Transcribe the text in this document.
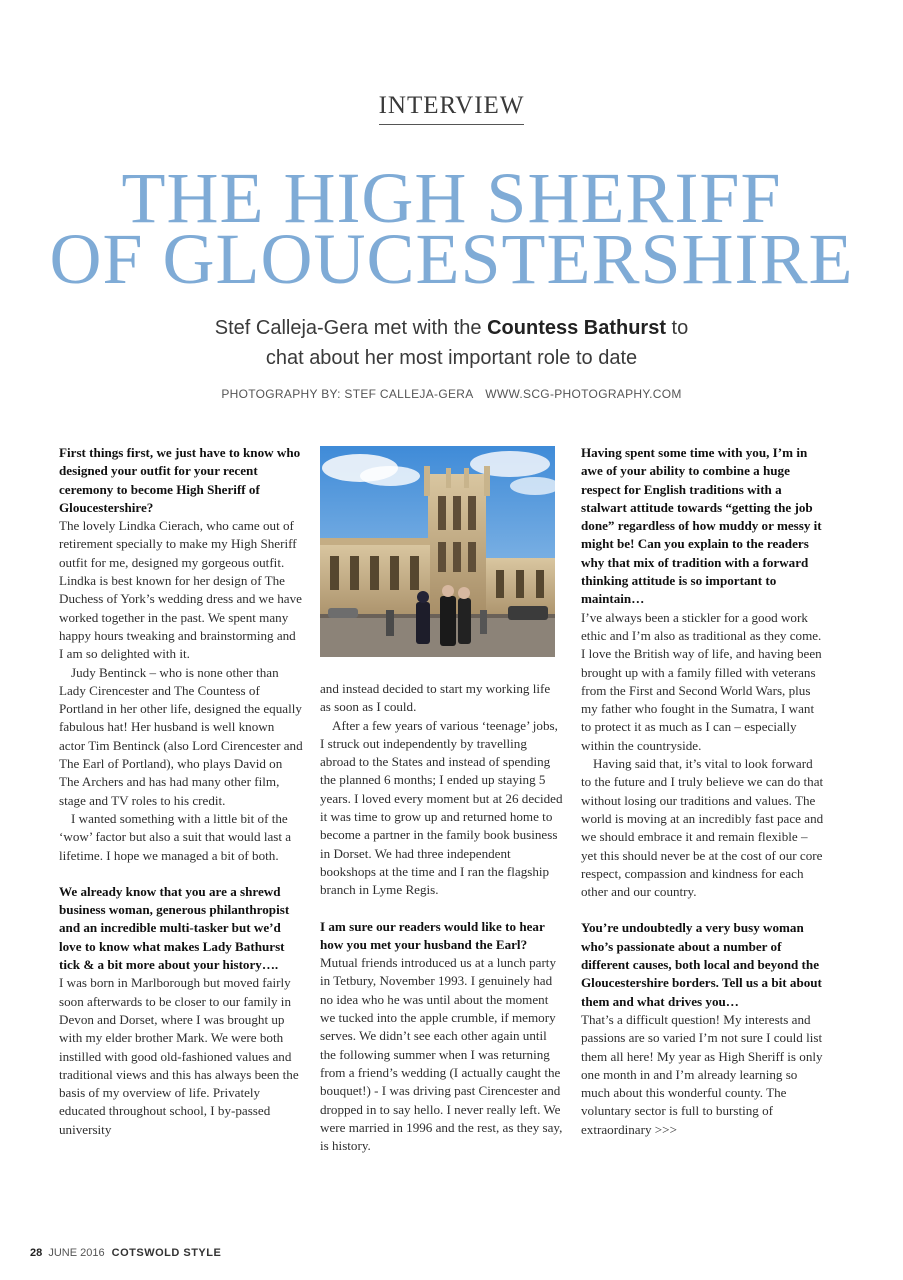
INTERVIEW
THE HIGH SHERIFF
OF GLOUCESTERSHIRE
Stef Calleja-Gera met with the Countess Bathurst to
chat about her most important role to date
PHOTOGRAPHY BY: STEF CALLEJA-GERA WWW.SCG-PHOTOGRAPHY.COM

First things first, we just have to know who designed your outfit for your recent ceremony to become High Sheriff of Gloucestershire?

The lovely Lindka Cierach, who came out of retirement specially to make my High Sheriff outfit for me, designed my gorgeous outfit. Lindka is best known for her design of The Duchess of York’s wedding dress and we have worked together in the past. We spent many happy hours tweaking and brainstorming and I am so delighted with it.

Judy Bentinck – who is none other than Lady Cirencester and The Countess of Portland in her other life, designed the equally fabulous hat! Her husband is well known actor Tim Bentinck (also Lord Cirencester and The Earl of Portland), who plays David on The Archers and has had many other film, stage and TV roles to his credit.

I wanted something with a little bit of the ‘wow’ factor but also a suit that would last a lifetime. I hope we managed a bit of both.

We already know that you are a shrewd business woman, generous philanthropist and an incredible multi-tasker but we’d love to know what makes Lady Bathurst tick & a bit more about your history….

I was born in Marlborough but moved fairly soon afterwards to be closer to our family in Devon and Dorset, where I was brought up with my elder brother Mark. We were both instilled with good old-fashioned values and traditional views and this has always been the basis of my overview of life. Privately educated throughout school, I by-passed university

and instead decided to start my working life as soon as I could.

After a few years of various ‘teenage’ jobs, I struck out independently by travelling abroad to the States and instead of spending the planned 6 months; I ended up staying 5 years. I loved every moment but at 26 decided it was time to grow up and returned home to become a partner in the family book business in Dorset. We had three independent bookshops at the time and I ran the flagship branch in Lyme Regis.

I am sure our readers would like to hear how you met your husband the Earl?

Mutual friends introduced us at a lunch party in Tetbury, November 1993. I genuinely had no idea who he was until about the moment we tucked into the apple crumble, if memory serves. We didn’t see each other again until the following summer when I was returning from a friend’s wedding (I actually caught the bouquet!) - I was driving past Cirencester and dropped in to say hello. I never really left. We were married in 1996 and the rest, as they say, is history.

Having spent some time with you, I’m in awe of your ability to combine a huge respect for English traditions with a stalwart attitude towards “getting the job done” regardless of how muddy or messy it might be! Can you explain to the readers why that mix of tradition with a forward thinking attitude is so important to maintain…

I’ve always been a stickler for a good work ethic and I’m also as traditional as they come. I love the British way of life, and having been brought up with a family filled with veterans from the First and Second World Wars, plus my father who fought in the Sumatra, I want to protect it as much as I can – especially within the countryside.

Having said that, it’s vital to look forward to the future and I truly believe we can do that without losing our traditions and values. The world is moving at an incredibly fast pace and we should embrace it and remain flexible – yet this should never be at the cost of our core respect, compassion and kindness for each other and our country.

You’re undoubtedly a very busy woman who’s passionate about a number of different causes, both local and beyond the Gloucestershire borders. Tell us a bit about them and what drives you…

That’s a difficult question! My interests and passions are so varied I’m not sure I could list them all here! My year as High Sheriff is only one month in and I’m already learning so much about this wonderful county. The voluntary sector is full to bursting of extraordinary >>>

28 JUNE 2016 COTSWOLD STYLE
